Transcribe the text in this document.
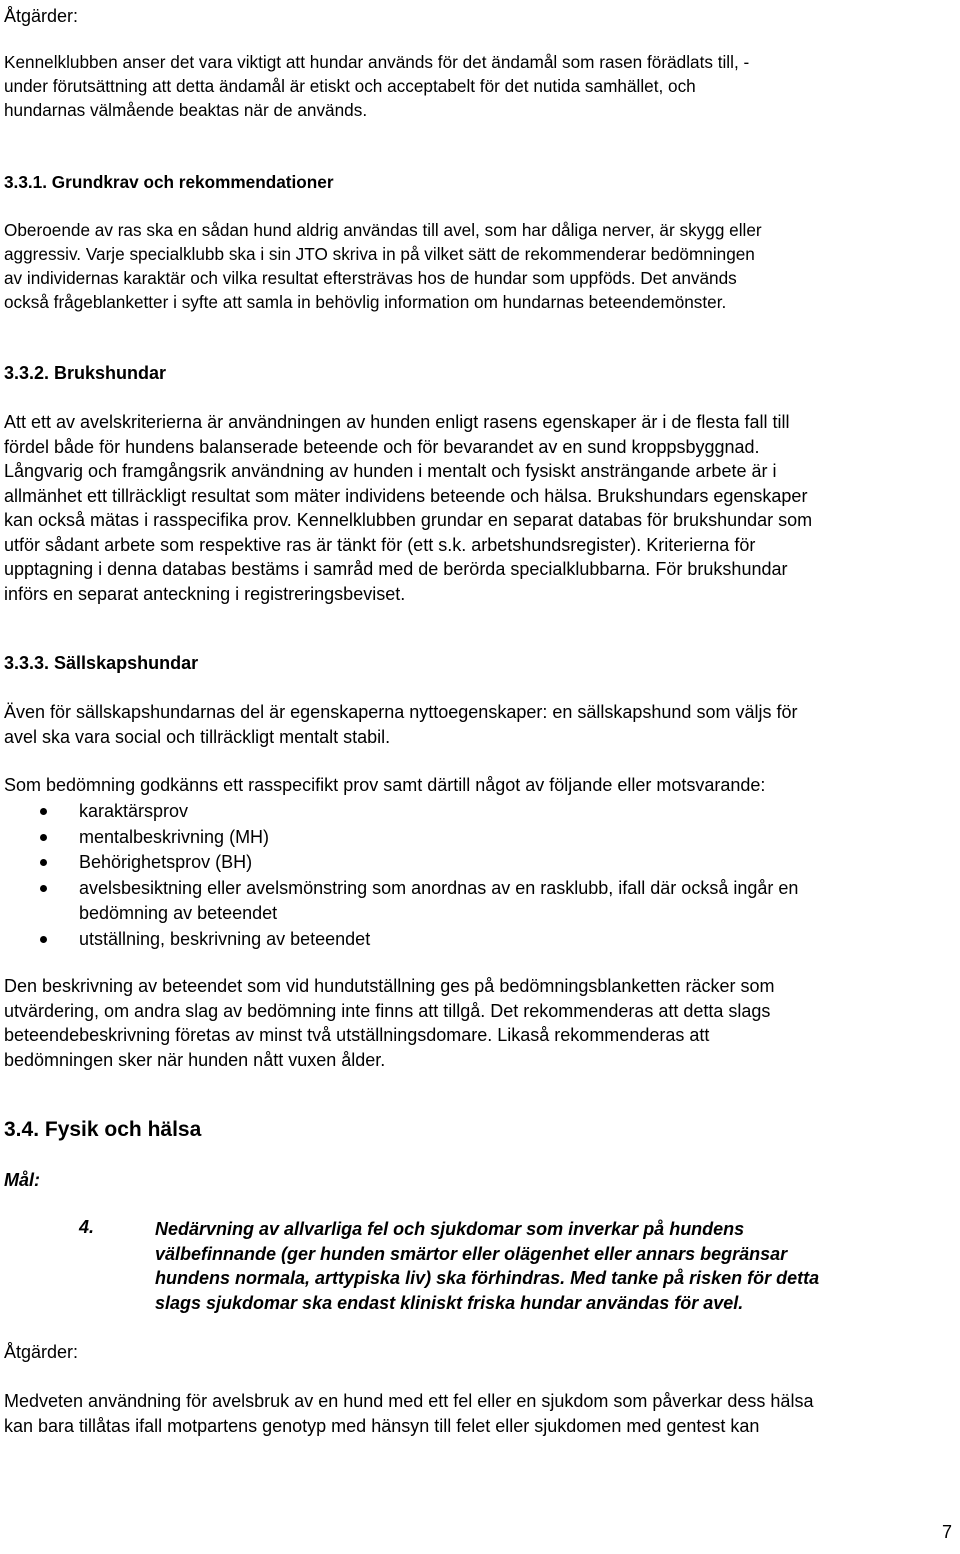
Åtgärder:

Kennelklubben anser det vara viktigt att hundar används för det ändamål som rasen förädlats till, -
under förutsättning att detta ändamål är etiskt och acceptabelt för det nutida samhället, och
hundarnas välmående beaktas när de används.

3.3.1. Grundkrav och rekommendationer

Oberoende av ras ska en sådan hund aldrig användas till avel, som har dåliga nerver, är skygg eller
aggressiv. Varje specialklubb ska i sin JTO skriva in på vilket sätt de rekommenderar bedömningen
av individernas karaktär och vilka resultat eftersträvas hos de hundar som uppföds. Det används
också frågeblanketter i syfte att samla in behövlig information om hundarnas beteendemönster.

3.3.2. Brukshundar

Att ett av avelskriterierna är användningen av hunden enligt rasens egenskaper är i de flesta fall till
fördel både för hundens balanserade beteende och för bevarandet av en sund kroppsbyggnad.
Långvarig och framgångsrik användning av hunden i mentalt och fysiskt ansträngande arbete är i
allmänhet ett tillräckligt resultat som mäter individens beteende och hälsa. Brukshundars egenskaper
kan också mätas i rasspecifika prov. Kennelklubben grundar en separat databas för brukshundar som
utför sådant arbete som respektive ras är tänkt för (ett s.k. arbetshundsregister). Kriterierna för
upptagning i denna databas bestäms i samråd med de berörda specialklubbarna. För brukshundar
införs en separat anteckning i registreringsbeviset.

3.3.3. Sällskapshundar

Även för sällskapshundarnas del är egenskaperna nyttoegenskaper: en sällskapshund som väljs för
avel ska vara social och tillräckligt mentalt stabil.

Som bedömning godkänns ett rasspecifikt prov samt därtill något av följande eller motsvarande:

karaktärsprov
mentalbeskrivning (MH)
Behörighetsprov (BH)
avelsbesiktning eller avelsmönstring som anordnas av en rasklubb, ifall där också ingår en
bedömning av beteendet
utställning, beskrivning av beteendet
Den beskrivning av beteendet som vid hundutställning ges på bedömningsblanketten räcker som
utvärdering, om andra slag av bedömning inte finns att tillgå. Det rekommenderas att detta slags
beteendebeskrivning företas av minst två utställningsdomare. Likaså rekommenderas att
bedömningen sker när hunden nått vuxen ålder.

3.4. Fysik och hälsa

Mål:

4.	Nedärvning av allvarliga fel och sjukdomar som inverkar på hundens
välbefinnande (ger hunden smärtor eller olägenhet eller annars begränsar
hundens normala, arttypiska liv) ska förhindras. Med tanke på risken för detta
slags sjukdomar ska endast kliniskt friska hundar användas för avel.

Åtgärder:

Medveten användning för avelsbruk av en hund med ett fel eller en sjukdom som påverkar dess hälsa
kan bara tillåtas ifall motpartens genotyp med hänsyn till felet eller sjukdomen med gentest kan
7
